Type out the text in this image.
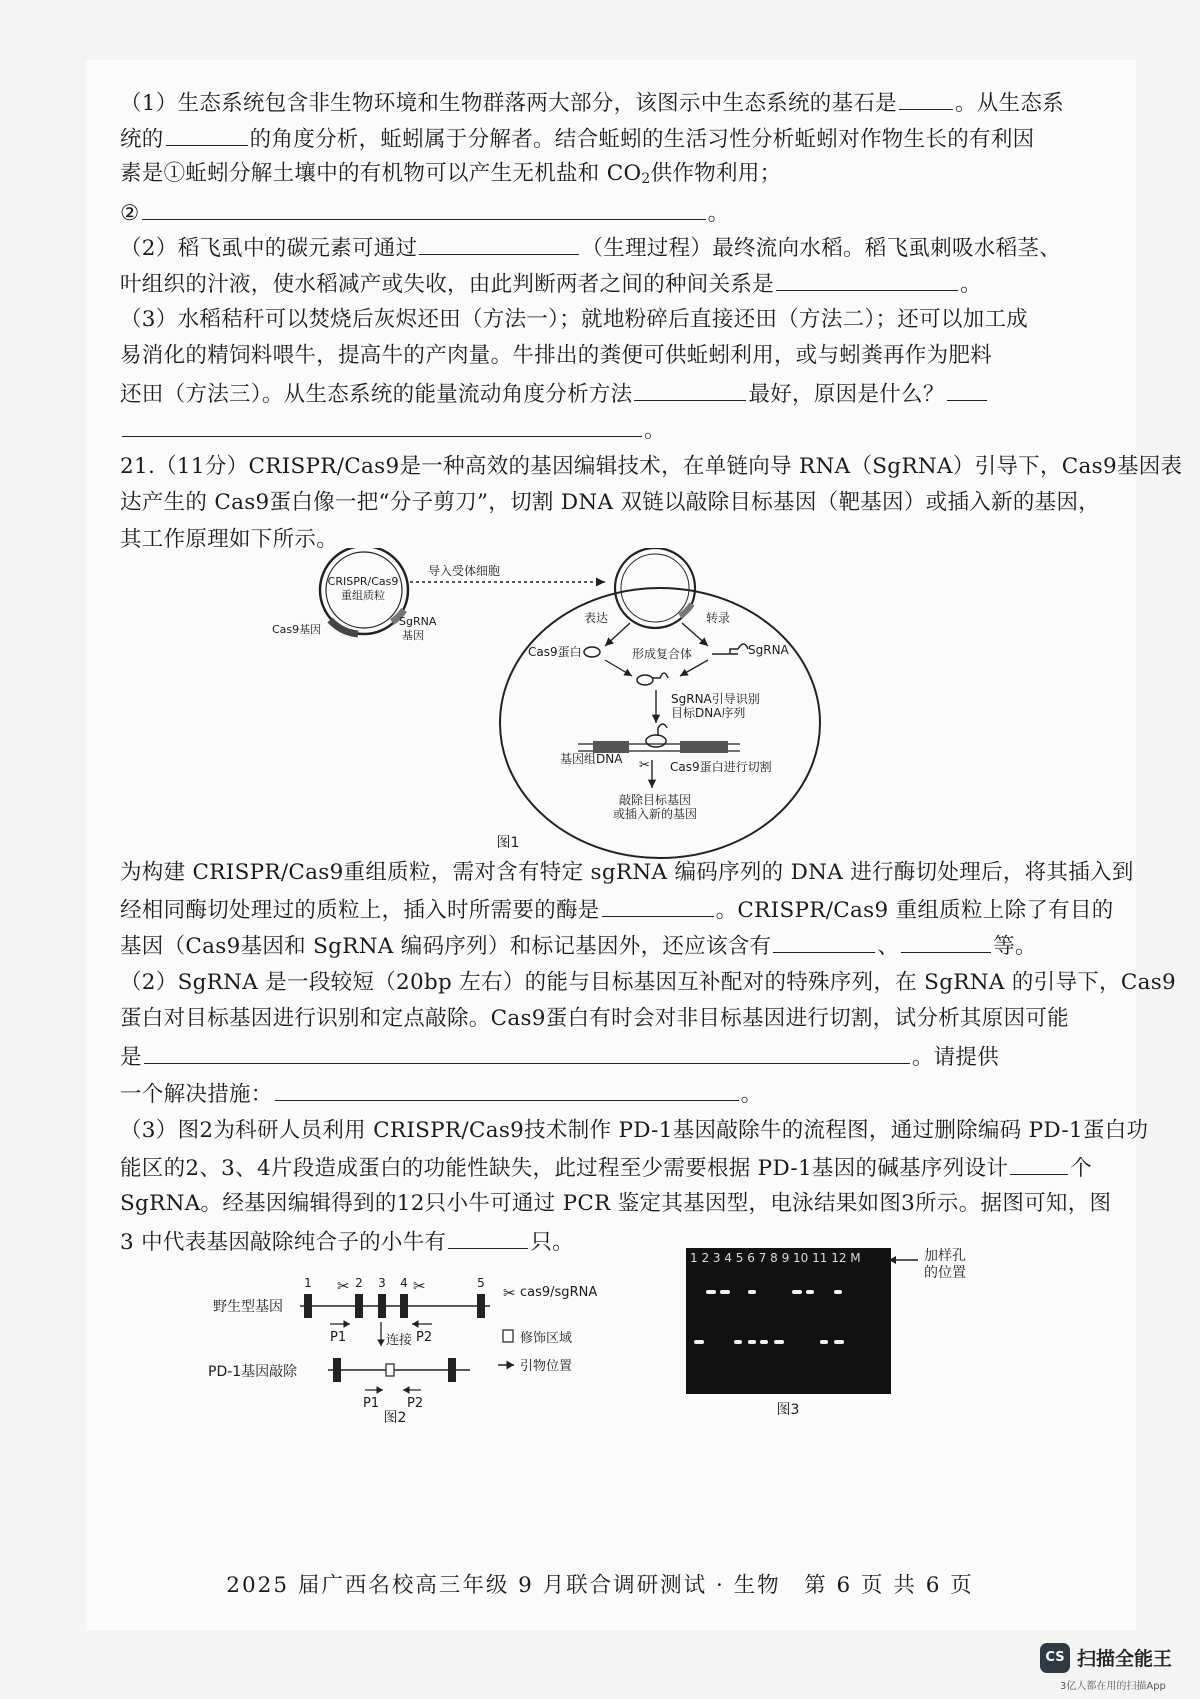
（1）生态系统包含非生物环境和生物群落两大部分，该图示中生态系统的基石是	。从生态系
统的	的角度分析，蚯蚓属于分解者。结合蚯蚓的生活习性分析蚯蚓对作物生长的有利因
素是①蚯蚓分解土壤中的有机物可以产生无机盐和 $CO_2$供作物利用；
②	。
（2）稻飞虱中的碳元素可通过	（生理过程）最终流向水稻。稻飞虱刺吸水稻茎、
叶组织的汁液，使水稻减产或失收，由此判断两者之间的种间关系是	。
（3）水稻秸秆可以焚烧后灰烬还田（方法一）；就地粉碎后直接还田（方法二）；还可以加工成
易消化的精饲料喂牛，提高牛的产肉量。牛排出的粪便可供蚯蚓利用，或与蚓粪再作为肥料
还田（方法三）。从生态系统的能量流动角度分析方法	最好，原因是什么？
。
21.（11分）CRISPR/Cas9是一种高效的基因编辑技术，在单链向导 RNA（SgRNA）引导下，Cas9基因表
达产生的 Cas9蛋白像一把“分子剪刀”，切割 DNA 双链以敲除目标基因（靶基因）或插入新的基因，
其工作原理如下所示。
CRISPR/Cas9
重组质粒
Cas9基因
SgRNA
基因
导入受体细胞
表达	转录
Cas9蛋白	形成复合体	SgRNA
SgRNA引导识别
目标DNA序列
基因组DNA ✂ Cas9蛋白进行切割
敲除目标基因
或插入新的基因
图1
为构建 CRISPR/Cas9重组质粒，需对含有特定 sgRNA 编码序列的 DNA 进行酶切处理后，将其插入到
经相同酶切处理过的质粒上，插入时所需要的酶是	。CRISPR/Cas9 重组质粒上除了有目的
基因（Cas9基因和 SgRNA 编码序列）和标记基因外，还应该含有	、	等。
（2）SgRNA 是一段较短（20bp 左右）的能与目标基因互补配对的特殊序列，在 SgRNA 的引导下，Cas9
蛋白对目标基因进行识别和定点敲除。Cas9蛋白有时会对非目标基因进行切割，试分析其原因可能
是	。请提供
一个解决措施：	。
（3）图2为科研人员利用 CRISPR/Cas9技术制作 PD-1基因敲除牛的流程图，通过删除编码 PD-1蛋白功
能区的2、3、4片段造成蛋白的功能性缺失，此过程至少需要根据 PD-1基因的碱基序列设计	个
SgRNA。经基因编辑得到的12只小牛可通过 PCR 鉴定其基因型，电泳结果如图3所示。据图可知，图
3 中代表基因敲除纯合子的小牛有	只。
野生型基因
1	2 3 4	5
✂	✂
P1	P2
连接
PD-1基因敲除
P1 P2
✂ cas9/sgRNA
修饰区域
引物位置
图2
1 2 3 4 5 6 7 8 9 10 11 12 M	加样孔
的位置
图3
2025 届广西名校高三年级 9 月联合调研测试 · 生物　第 6 页 共 6 页
CS 扫描全能王
3亿人都在用的扫描App
